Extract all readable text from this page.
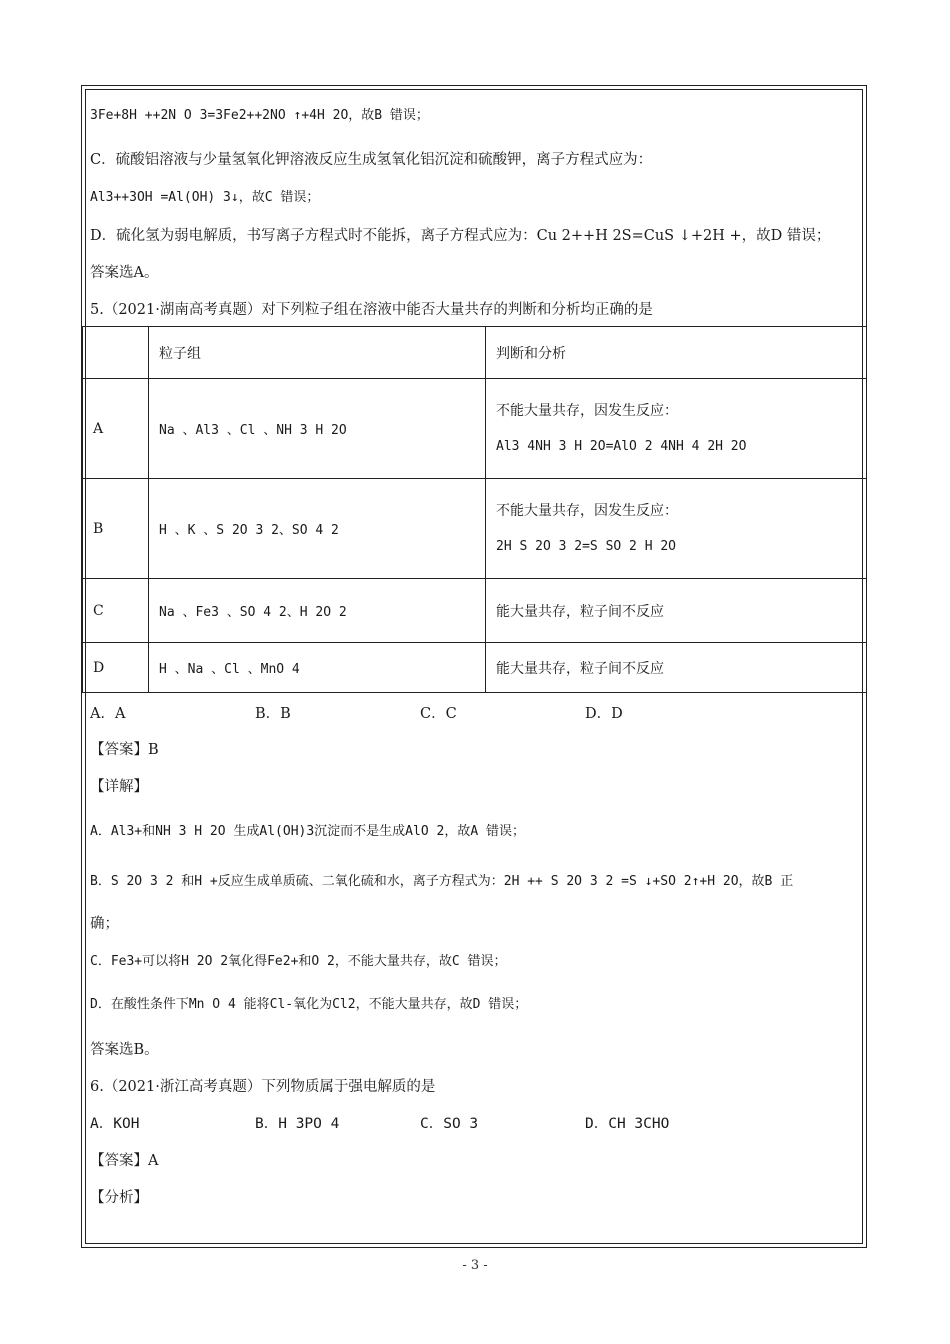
3Fe+8H ++2N O 3=3Fe2++2NO ↑+4H 2O，故B 错误；
C．硫酸铝溶液与少量氢氧化钾溶液反应生成氢氧化铝沉淀和硫酸钾，离子方程式应为：
Al3++3OH =Al(OH) 3↓，故C 错误；
D．硫化氢为弱电解质，书写离子方程式时不能拆，离子方程式应为：Cu 2++H 2S=CuS ↓+2H +，故D 错误；
答案选A。
5.（2021·湖南高考真题）对下列粒子组在溶液中能否大量共存的判断和分析均正确的是
	粒子组	判断和分析
A	Na 、Al3 、Cl 、NH 3 H 2O	不能大量共存，因发生反应：
Al3 4NH 3 H 2O=AlO 2 4NH 4 2H 2O

B	H 、K 、S 2O 3 2、SO 4 2	不能大量共存，因发生反应：
2H S 2O 3 2=S SO 2 H 2O

C	Na 、Fe3 、SO 4 2、H 2O 2	能大量共存，粒子间不反应
D	H 、Na 、Cl 、MnO 4	能大量共存，粒子间不反应
A．A	B．B	C．C	D．D
【答案】B
【详解】
A．Al3+和NH 3 H 2O 生成Al(OH)3沉淀而不是生成AlO 2，故A 错误；
B．S 2O 3 2 和H +反应生成单质硫、二氧化硫和水，离子方程式为：2H ++ S 2O 3 2 =S ↓+SO 2↑+H 2O，故B 正
确；
C．Fe3+可以将H 2O 2氧化得Fe2+和O 2，不能大量共存，故C 错误；
D．在酸性条件下Mn O 4 能将Cl-氧化为Cl2，不能大量共存，故D 错误；
答案选B。
6.（2021·浙江高考真题）下列物质属于强电解质的是
A．KOH	B．H 3PO 4	C．SO 3	D．CH 3CHO
【答案】A
【分析】
- 3 -
